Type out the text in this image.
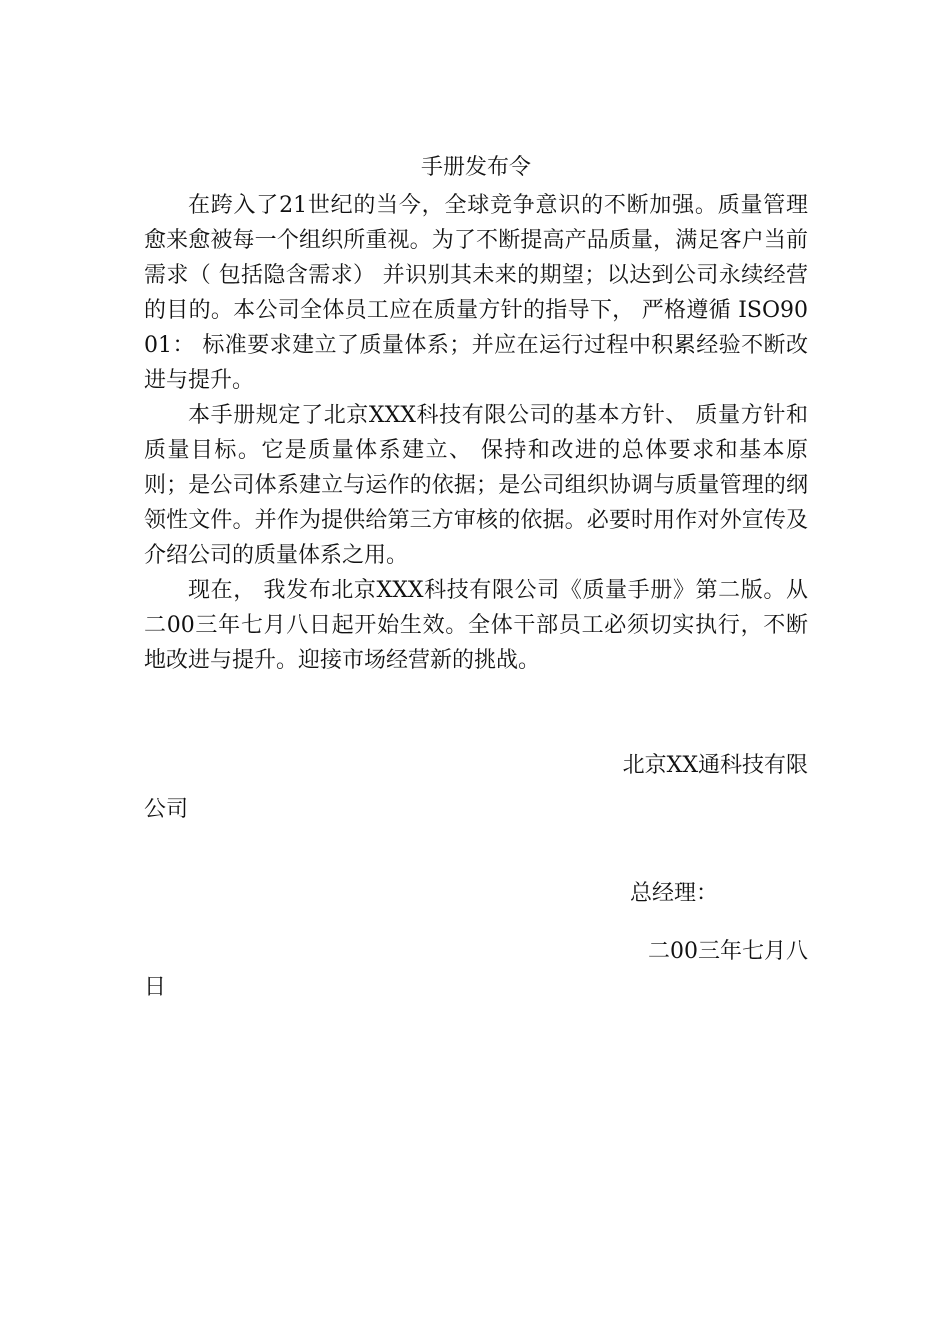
手册发布令

在跨入了21世纪的当今，全球竞争意识的不断加强。质量管理愈来愈被每一个组织所重视。为了不断提高产品质量，满足客户当前需求（ 包括隐含需求） 并识别其未来的期望；以达到公司永续经营的目的。本公司全体员工应在质量方针的指导下， 严格遵循 ISO9001： 标准要求建立了质量体系；并应在运行过程中积累经验不断改进与提升。

本手册规定了北京XXX科技有限公司的基本方针、 质量方针和质量目标。它是质量体系建立、 保持和改进的总体要求和基本原则；是公司体系建立与运作的依据；是公司组织协调与质量管理的纲领性文件。并作为提供给第三方审核的依据。必要时用作对外宣传及介绍公司的质量体系之用。

现在， 我发布北京XXX科技有限公司《质量手册》第二版。从二00三年七月八日起开始生效。全体干部员工必须切实执行，不断地改进与提升。迎接市场经营新的挑战。

北京XX通科技有限
公司
总经理：
二00三年七月八
日
